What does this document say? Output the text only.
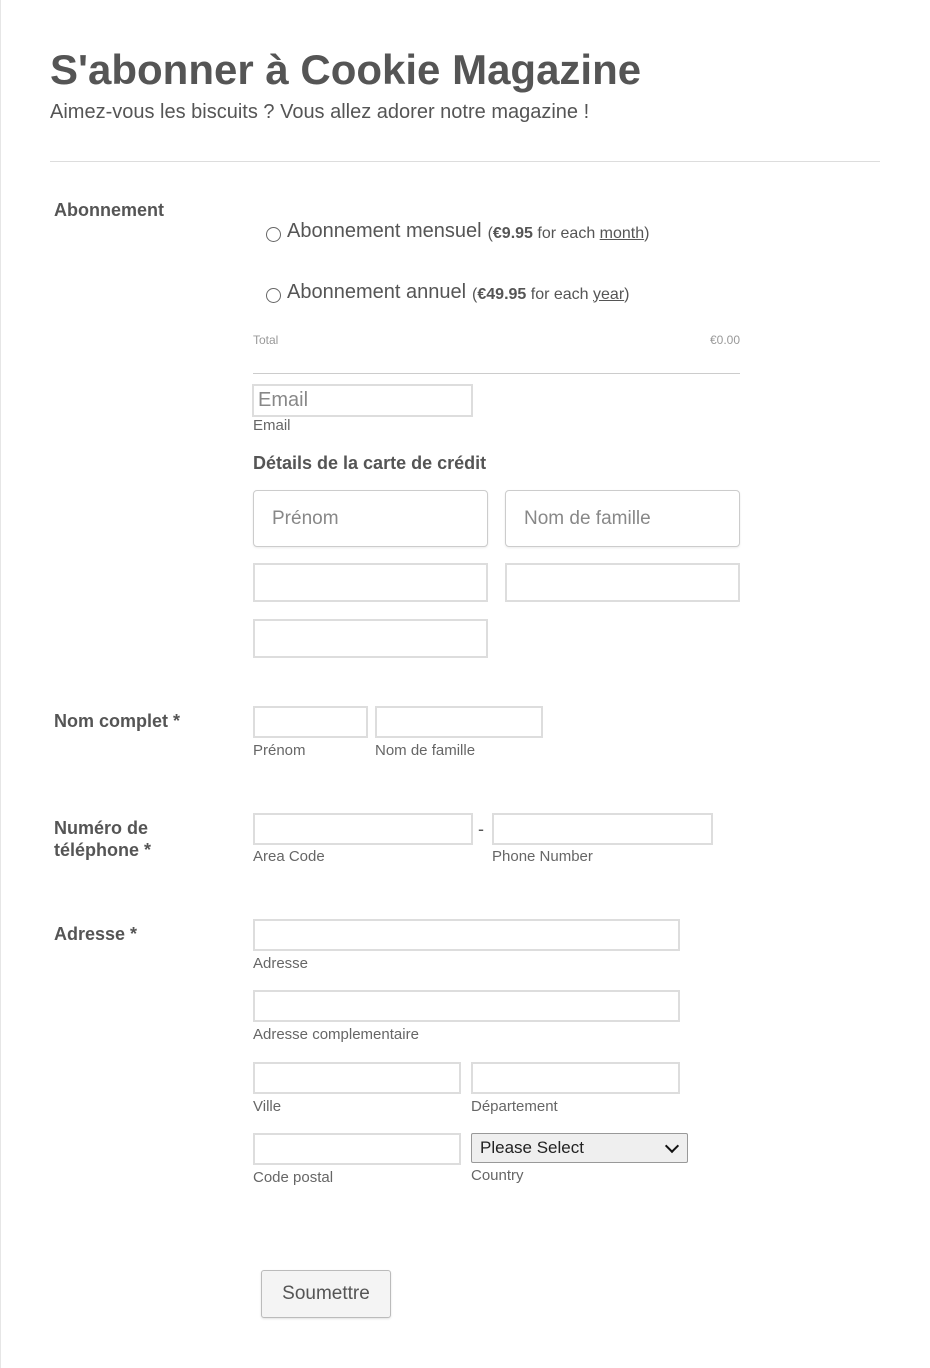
S'abonner à Cookie Magazine
Aimez-vous les biscuits ? Vous allez adorer notre magazine !
Abonnement
Abonnement mensuel (€9.95 for each month)
Abonnement annuel (€49.95 for each year)
Total	€0.00
Email
Email
Détails de la carte de crédit
Prénom
Nom de famille
Nom complet *
Prénom	Nom de famille
Numéro de
téléphone *
-
Area Code	Phone Number
Adresse *
Adresse
Adresse complementaire
Ville	Département
Please Select
Code postal	Country
Soumettre
